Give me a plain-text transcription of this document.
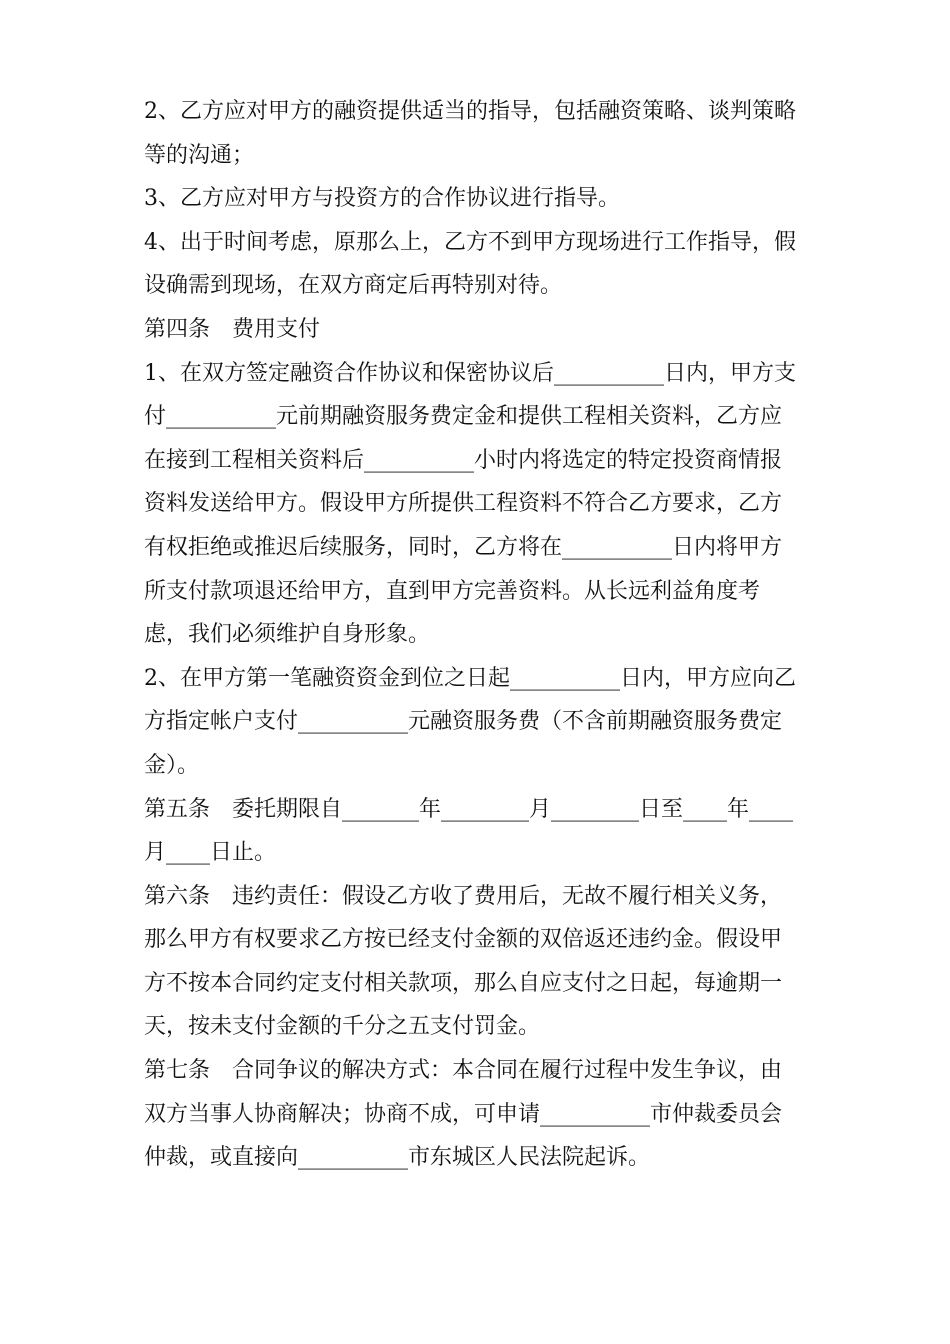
2、乙方应对甲方的融资提供适当的指导，包括融资策略、谈判策略
等的沟通；
3、乙方应对甲方与投资方的合作协议进行指导。
4、出于时间考虑，原那么上，乙方不到甲方现场进行工作指导，假
设确需到现场，在双方商定后再特别对待。
第四条　费用支付
1、在双方签定融资合作协议和保密协议后__________日内，甲方支
付__________元前期融资服务费定金和提供工程相关资料，乙方应
在接到工程相关资料后__________小时内将选定的特定投资商情报
资料发送给甲方。假设甲方所提供工程资料不符合乙方要求，乙方
有权拒绝或推迟后续服务，同时，乙方将在__________日内将甲方
所支付款项退还给甲方，直到甲方完善资料。从长远利益角度考
虑，我们必须维护自身形象。
2、在甲方第一笔融资资金到位之日起__________日内，甲方应向乙
方指定帐户支付__________元融资服务费（不含前期融资服务费定
金）。
第五条　委托期限自_______年________月________日至____年____
月____日止。
第六条　违约责任：假设乙方收了费用后，无故不履行相关义务，
那么甲方有权要求乙方按已经支付金额的双倍返还违约金。假设甲
方不按本合同约定支付相关款项，那么自应支付之日起，每逾期一
天，按未支付金额的千分之五支付罚金。
第七条　合同争议的解决方式：本合同在履行过程中发生争议，由
双方当事人协商解决；协商不成，可申请__________市仲裁委员会
仲裁，或直接向__________市东城区人民法院起诉。
